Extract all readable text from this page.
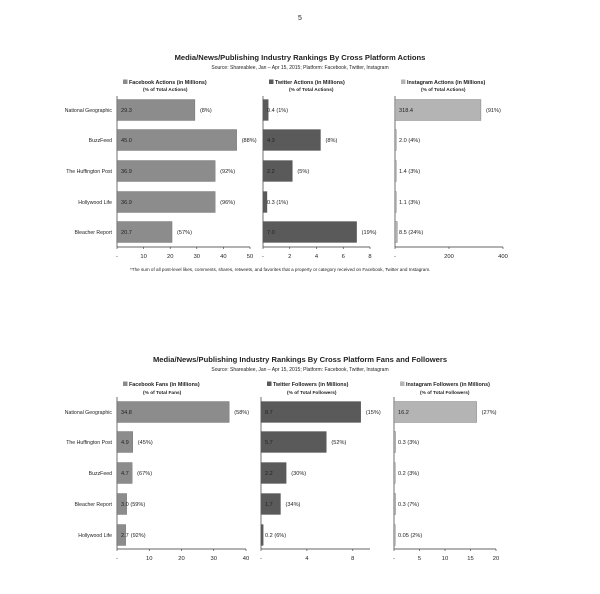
5
Media/News/Publishing Industry Rankings By Cross Platform Actions
Source: Shareablee, Jan – Apr 15, 2015; Platform: Facebook, Twitter, Instagram
*The sum of all post-level likes, comments, shares, retweets, and favorites that a property or category received on Facebook, Twitter and Instagram.
Media/News/Publishing Industry Rankings By Cross Platform Fans and Followers
Source: Shareablee, Jan – Apr 15, 2015; Platform: Facebook, Twitter, Instagram
National Geographic
BuzzFeed
The Huffington Post
Hollywood Life
Bleacher Report
Facebook Actions (in Millions)
(% of Total Actions)
-	10	20	30	40	50
29.3	(8%)
45.0	(88%)
36.9	(92%)
36.9	(96%)
20.7	(57%)
Twitter Actions (in Millions)
(% of Total Actions)
-	2	4	6	8
0.4 (1%)
4.3	(8%)
2.2	(5%)
0.3 (1%)
7.0	(19%)
Instagram Actions (in Millions)
(% of Total Actions)
-	200	400
318.4	(91%)
2.0 (4%)
1.4 (3%)
1.1 (3%)
8.5 (24%)
National Geographic
The Huffington Post
BuzzFeed
Bleacher Report
Hollywood Life
Facebook Fans (in Millions)
(% of Total Fans)
-	10	20	30	40
34.8	(58%)
4.9 (45%)
4.7 (67%)
3.0 (59%)
2.7 (92%)
Twitter Followers (in Millions)
(% of Total Followers)
-	4	8
8.7	(15%)
5.7	(52%)
2.2	(30%)
1.7 (34%)
0.2 (6%)
Instagram Followers (in Millions)
(% of Total Followers)
-	5	10	15	20
16.2	(27%)
0.3 (3%)
0.2 (3%)
0.3 (7%)
0.05 (2%)
